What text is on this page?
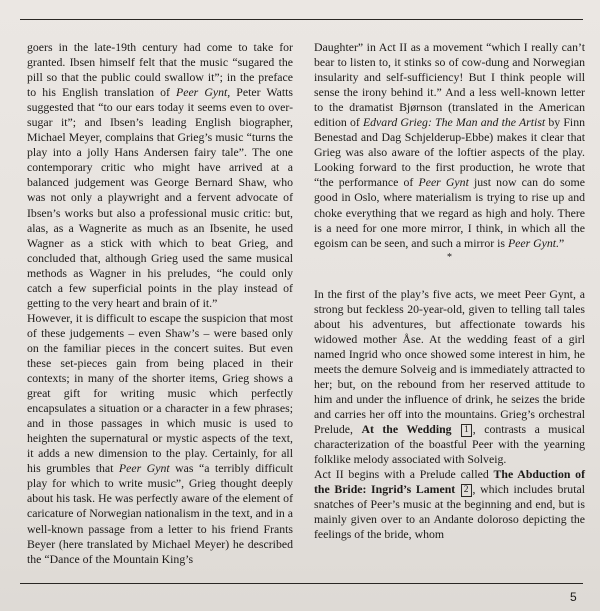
goers in the late-19th century had come to take for granted. Ibsen himself felt that the music “sugared the pill so that the public could swallow it”; in the preface to his English translation of Peer Gynt, Peter Watts suggested that “to our ears today it seems even to over-sugar it”; and Ibsen’s leading English biographer, Michael Meyer, complains that Grieg’s music “turns the play into a jolly Hans Andersen fairy tale”. The one contemporary critic who might have arrived at a balanced judgement was George Bernard Shaw, who was not only a playwright and a fervent advocate of Ibsen’s works but also a professional music critic: but, alas, as a Wagnerite as much as an Ibsenite, he used Wagner as a stick with which to beat Grieg, and concluded that, although Grieg used the same musical methods as Wagner in his preludes, “he could only catch a few superficial points in the play instead of getting to the very heart and brain of it.”

However, it is difficult to escape the suspicion that most of these judgements – even Shaw’s – were based only on the familiar pieces in the concert suites. But even these set-pieces gain from being placed in their contexts; in many of the shorter items, Grieg shows a great gift for writing music which perfectly encapsulates a situation or a character in a few phrases; and in those passages in which music is used to heighten the supernatural or mystic aspects of the text, it adds a new dimension to the play. Certainly, for all his grumbles that Peer Gynt was “a terribly difficult play for which to write music”, Grieg thought deeply about his task. He was perfectly aware of the element of caricature of Norwegian nationalism in the text, and in a well-known passage from a letter to his friend Frants Beyer (here translated by Michael Meyer) he described the “Dance of the Mountain King’s

Daughter” in Act II as a movement “which I really can’t bear to listen to, it stinks so of cow-dung and Norwegian insularity and self-sufficiency! But I think people will sense the irony behind it.” And a less well-known letter to the dramatist Bjørnson (translated in the American edition of Edvard Grieg: The Man and the Artist by Finn Benestad and Dag Schjelderup-Ebbe) makes it clear that Grieg was also aware of the loftier aspects of the play. Looking forward to the first production, he wrote that “the performance of Peer Gynt just now can do some good in Oslo, where materialism is trying to rise up and choke everything that we regard as high and holy. There is a need for one more mirror, I think, in which all the egoism can be seen, and such a mirror is Peer Gynt.”

*

In the first of the play’s five acts, we meet Peer Gynt, a strong but feckless 20-year-old, given to telling tall tales about his adventures, but affectionate towards his widowed mother Åse. At the wedding feast of a girl named Ingrid who once showed some interest in him, he meets the demure Solveig and is immediately attracted to her; but, on the rebound from her reserved attitude to him and under the influence of drink, he seizes the bride and carries her off into the mountains. Grieg’s orchestral Prelude, At the Wedding 1 , contrasts a musical characterization of the boastful Peer with the yearning folklike melody associated with Solveig.

Act II begins with a Prelude called The Abduction of the Bride: Ingrid’s Lament 2 , which includes brutal snatches of Peer’s music at the beginning and end, but is mainly given over to an Andante doloroso depicting the feelings of the bride, whom

5
